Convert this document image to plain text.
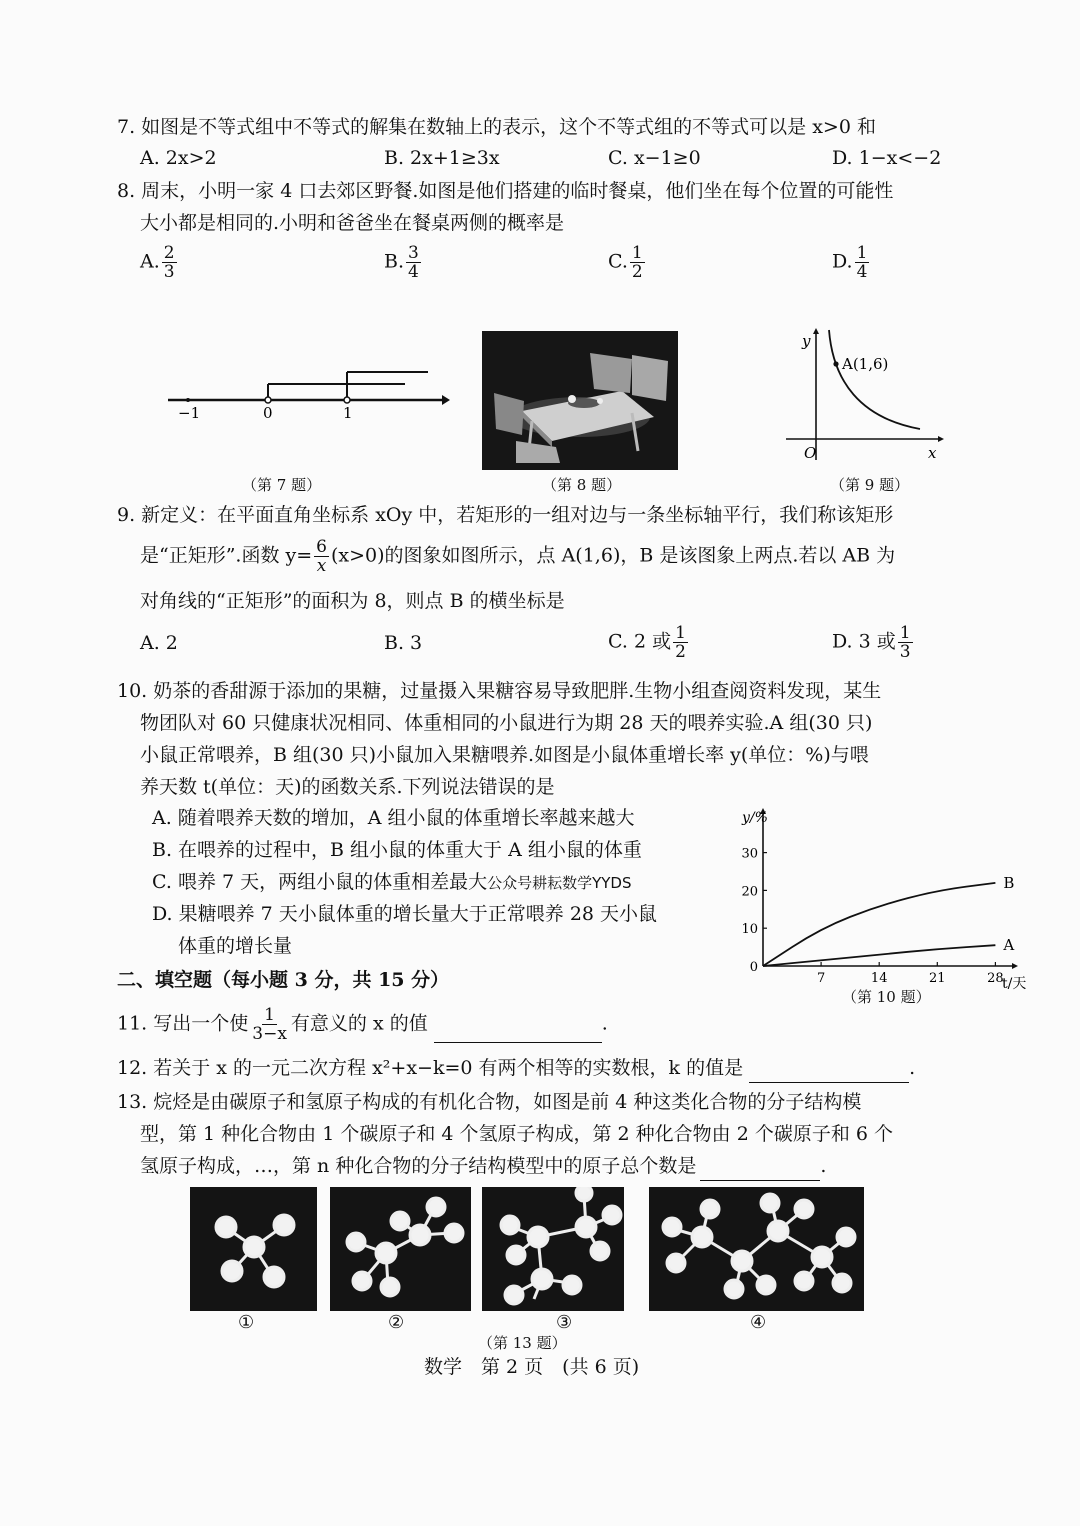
7. 如图是不等式组中不等式的解集在数轴上的表示，这个不等式组的不等式可以是 x>0 和
A. 2x>2	B. 2x+1≥3x	C. x−1≥0	D. 1−x<−2
8. 周末，小明一家 4 口去郊区野餐.如图是他们搭建的临时餐桌，他们坐在每个位置的可能性
大小都是相同的.小明和爸爸坐在餐桌两侧的概率是
A. $\frac{2}{3}$	B. $\frac{3}{4}$	C. $\frac{1}{2}$	D. $\frac{1}{4}$
−1	0	1
（第 7 题）	（第 8 题）
y
x
O
A(1,6)
（第 9 题）
9. 新定义：在平面直角坐标系 xOy 中，若矩形的一组对边与一条坐标轴平行，我们称该矩形
是“正矩形”.函数 $y= \frac{6}{x} (x>0)$的图象如图所示，点 A(1,6)，B 是该图象上两点.若以 AB 为
对角线的“正矩形”的面积为 8，则点 B 的横坐标是
A. 2	B. 3	C. 2 或 $\frac{1}{2}$	D. 3 或 $\frac{1}{3}$
10. 奶茶的香甜源于添加的果糖，过量摄入果糖容易导致肥胖.生物小组查阅资料发现，某生
物团队对 60 只健康状况相同、体重相同的小鼠进行为期 28 天的喂养实验.A 组(30 只)
小鼠正常喂养，B 组(30 只)小鼠加入果糖喂养.如图是小鼠体重增长率 y(单位：%)与喂
养天数 t(单位：天)的函数关系.下列说法错误的是
A. 随着喂养天数的增加，A 组小鼠的体重增长率越来越大
B. 在喂养的过程中，B 组小鼠的体重大于 A 组小鼠的体重
C. 喂养 7 天，两组小鼠的体重相差最大公众号耕耘数学YYDS
D. 果糖喂养 7 天小鼠体重的增长量大于正常喂养 28 天小鼠
体重的增长量
y/%
t/天
7	14	21	28
0
10
20
30
B
A
（第 10 题）
二、填空题（每小题 3 分，共 15 分）
11. 写出一个使 $\frac{1}{3-x}$ 有意义的 x 的值	.
12. 若关于 x 的一元二次方程 x²+x−k=0 有两个相等的实数根，k 的值是	.
13. 烷烃是由碳原子和氢原子构成的有机化合物，如图是前 4 种这类化合物的分子结构模
型，第 1 种化合物由 1 个碳原子和 4 个氢原子构成，第 2 种化合物由 2 个碳原子和 6 个
氢原子构成，…，第 n 种化合物的分子结构模型中的原子总个数是	.
①	②	③	④
（第 13 题）
数学　第 2 页　(共 6 页)
